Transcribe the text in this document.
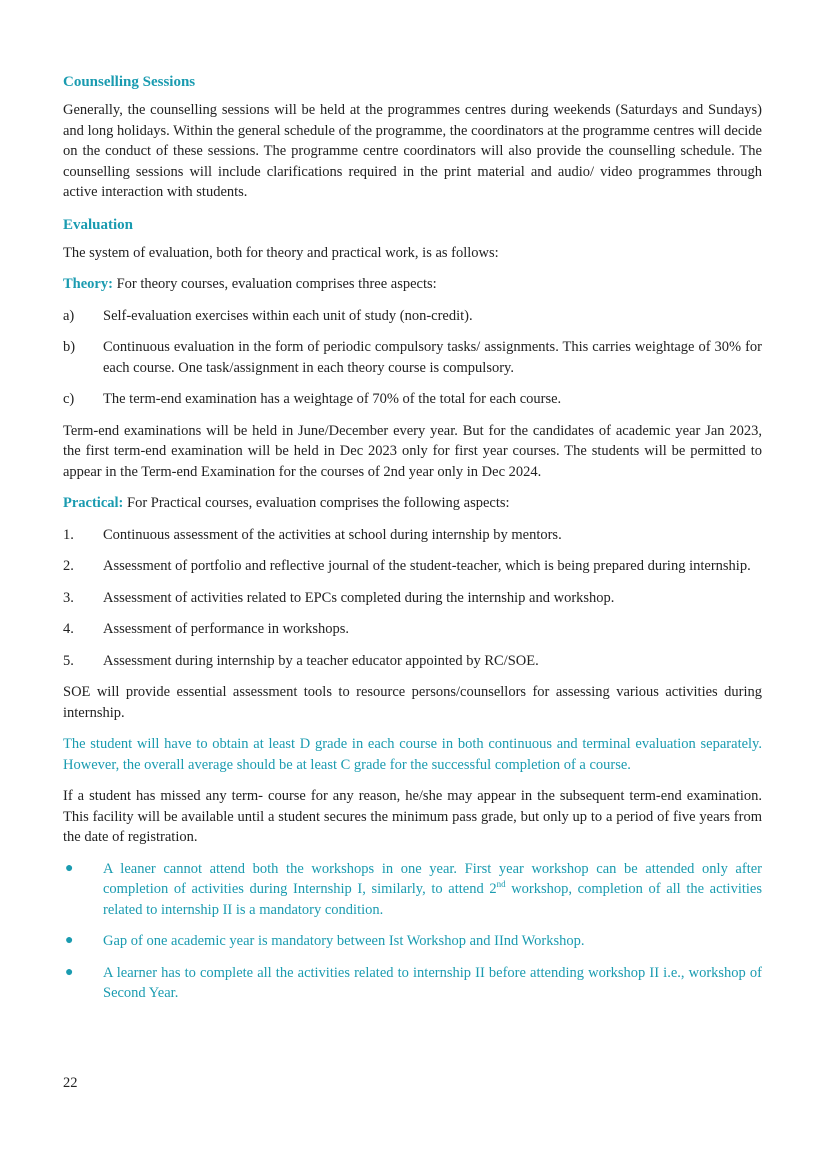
Counselling Sessions

Generally, the counselling sessions will be held at the programmes centres during weekends (Saturdays and Sundays) and long holidays. Within the general schedule of the programme, the coordinators at the programme centres will decide on the conduct of these sessions. The programme centre coordinators will also provide the counselling schedule. The counselling sessions will include clarifications required in the print material and audio/ video programmes through active interaction with students.

Evaluation

The system of evaluation, both for theory and practical work, is as follows:

Theory: For theory courses, evaluation comprises three aspects:

a) Self-evaluation exercises within each unit of study (non-credit).
b) Continuous evaluation in the form of periodic compulsory tasks/ assignments. This carries weightage of 30% for each course. One task/assignment in each theory course is compulsory.
c) The term-end examination has a weightage of 70% of the total for each course.

Term-end examinations will be held in June/December every year. But for the candidates of academic year Jan 2023, the first term-end examination will be held in Dec 2023 only for first year courses. The students will be permitted to appear in the Term-end Examination for the courses of 2nd year only in Dec 2024.

Practical: For Practical courses, evaluation comprises the following aspects:

1. Continuous assessment of the activities at school during internship by mentors.
2. Assessment of portfolio and reflective journal of the student-teacher, which is being prepared during internship.
3. Assessment of activities related to EPCs completed during the internship and workshop.
4. Assessment of performance in workshops.
5. Assessment during internship by a teacher educator appointed by RC/SOE.

SOE will provide essential assessment tools to resource persons/counsellors for assessing various activities during internship.

The student will have to obtain at least D grade in each course in both continuous and terminal evaluation separately. However, the overall average should be at least C grade for the successful completion of a course.

If a student has missed any term- course for any reason, he/she may appear in the subsequent term-end examination. This facility will be available until a student secures the minimum pass grade, but only up to a period of five years from the date of registration.

● A leaner cannot attend both the workshops in one year. First year workshop can be attended only after completion of activities during Internship I, similarly, to attend 2nd workshop, completion of all the activities related to internship II is a mandatory condition.
● Gap of one academic year is mandatory between Ist Workshop and IInd Workshop.
● A learner has to complete all the activities related to internship II before attending workshop II i.e., workshop of Second Year.
22
